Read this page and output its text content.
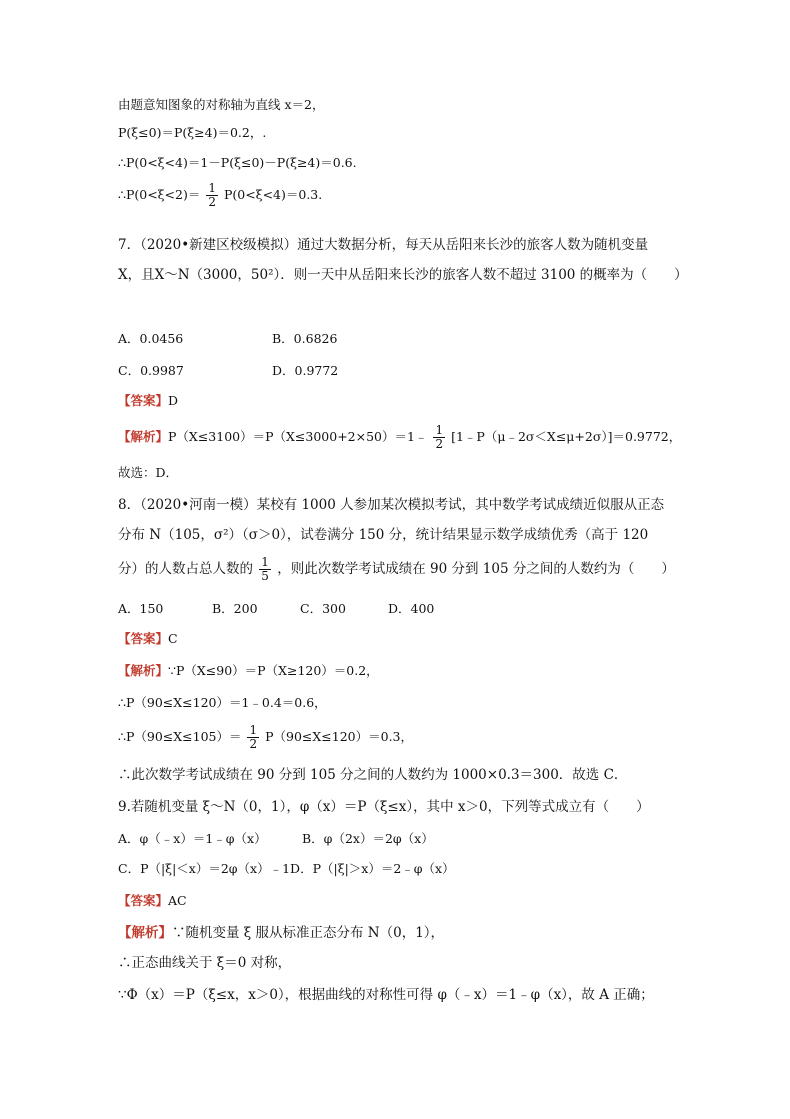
由题意知图象的对称轴为直线 x＝2，
P(ξ≤0)＝P(ξ≥4)＝0.2，.
∴P(0<ξ<4)＝1－P(ξ≤0)－P(ξ≥4)＝0.6.
∴P(0<ξ<2)＝ $\frac{1}{2} P(0<\xi<4)=0.3$.
7．（2020•新建区校级模拟）通过大数据分析，每天从岳阳来长沙的旅客人数为随机变量
X，且X～N（3000，50²）．则一天中从岳阳来长沙的旅客人数不超过 3100 的概率为（　　）
A．0.0456	B．0.6826
C．0.9987	D．0.9772
【答案】D
【解析】P（X≤3100）＝P（X≤3000+2×50）＝1﹣ $\frac{1}{2}$ [1﹣P（μ﹣2σ＜X≤μ+2σ）]＝0.9772，
故选：D．
8．（2020•河南一模）某校有 1000 人参加某次模拟考试，其中数学考试成绩近似服从正态
分布 N（105，σ²）（σ＞0），试卷满分 150 分，统计结果显示数学成绩优秀（高于 120
分）的人数占总人数的 $\frac{1}{5}$ ，则此次数学考试成绩在 90 分到 105 分之间的人数约为（　　）
A．150	B．200	C．300	D．400
【答案】C
【解析】∵P（X≤90）＝P（X≥120）＝0.2，
∴P（90≤X≤120）＝1﹣0.4＝0.6，
∴P（90≤X≤105）＝ $\frac{1}{2} P(90\le X\le 120)=0.3$，
∴此次数学考试成绩在 90 分到 105 分之间的人数约为 1000×0.3＝300．故选 C．
9.若随机变量 ξ～N（0，1），φ（x）＝P（ξ≤x），其中 x＞0，下列等式成立有（　　）
A．φ（﹣x）＝1﹣φ（x）	B．φ（2x）＝2φ（x）
C．P（|ξ|＜x）＝2φ（x）﹣1D．P（|ξ|＞x）＝2﹣φ（x）
【答案】AC
【解析】∵随机变量 ξ 服从标准正态分布 N（0，1），
∴正态曲线关于 ξ＝0 对称，
∵Φ（x）＝P（ξ≤x，x＞0），根据曲线的对称性可得 φ（﹣x）＝1﹣φ（x），故 A 正确；
